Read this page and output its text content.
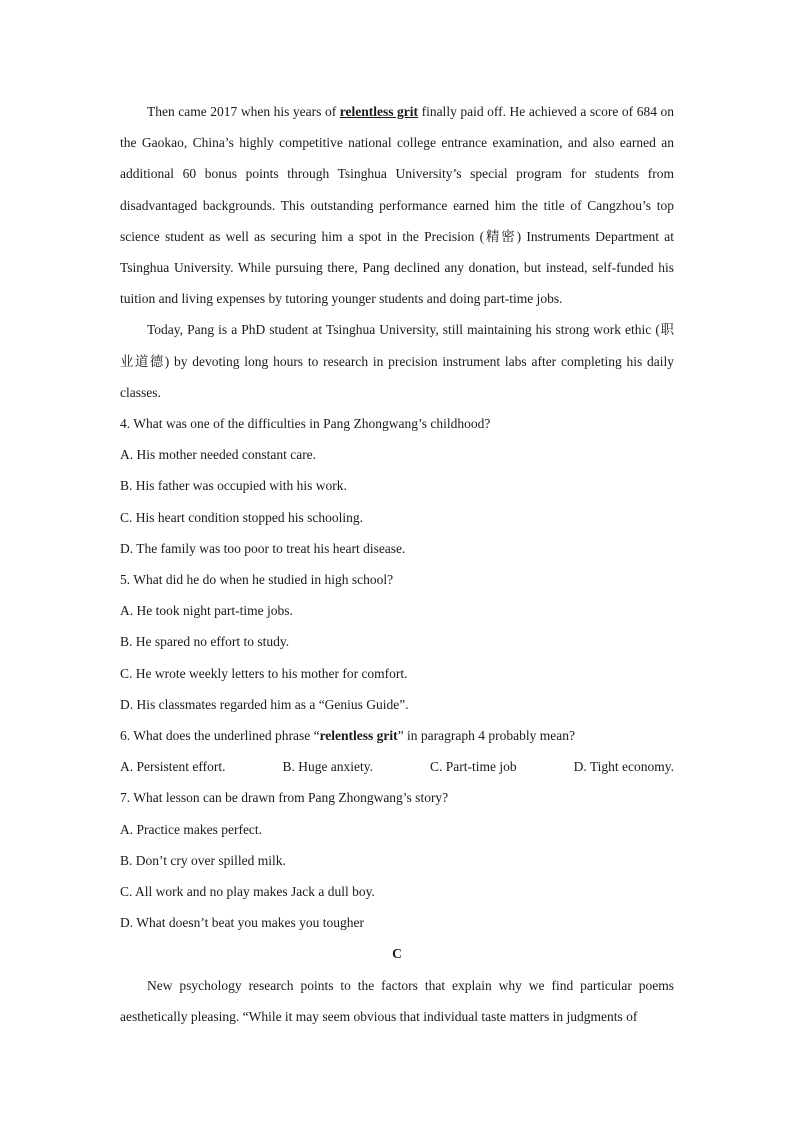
Then came 2017 when his years of relentless grit finally paid off. He achieved a score of 684 on the Gaokao, China’s highly competitive national college entrance examination, and also earned an additional 60 bonus points through Tsinghua University’s special program for students from disadvantaged backgrounds. This outstanding performance earned him the title of Cangzhou’s top science student as well as securing him a spot in the Precision (精密) Instruments Department at Tsinghua University. While pursuing there, Pang declined any donation, but instead, self-funded his tuition and living expenses by tutoring younger students and doing part-time jobs.

Today, Pang is a PhD student at Tsinghua University, still maintaining his strong work ethic (职业道德) by devoting long hours to research in precision instrument labs after completing his daily classes.

4. What was one of the difficulties in Pang Zhongwang’s childhood?

A. His mother needed constant care.

B. His father was occupied with his work.

C. His heart condition stopped his schooling.

D. The family was too poor to treat his heart disease.

5. What did he do when he studied in high school?

A. He took night part-time jobs.

B. He spared no effort to study.

C. He wrote weekly letters to his mother for comfort.

D. His classmates regarded him as a “Genius Guide”.

6. What does the underlined phrase “relentless grit” in paragraph 4 probably mean?

A. Persistent effort.	B. Huge anxiety.	C. Part-time job	D. Tight economy.

7. What lesson can be drawn from Pang Zhongwang’s story?

A. Practice makes perfect.

B. Don’t cry over spilled milk.

C. All work and no play makes Jack a dull boy.

D. What doesn’t beat you makes you tougher

C

New psychology research points to the factors that explain why we find particular poems aesthetically pleasing. “While it may seem obvious that individual taste matters in judgments of
